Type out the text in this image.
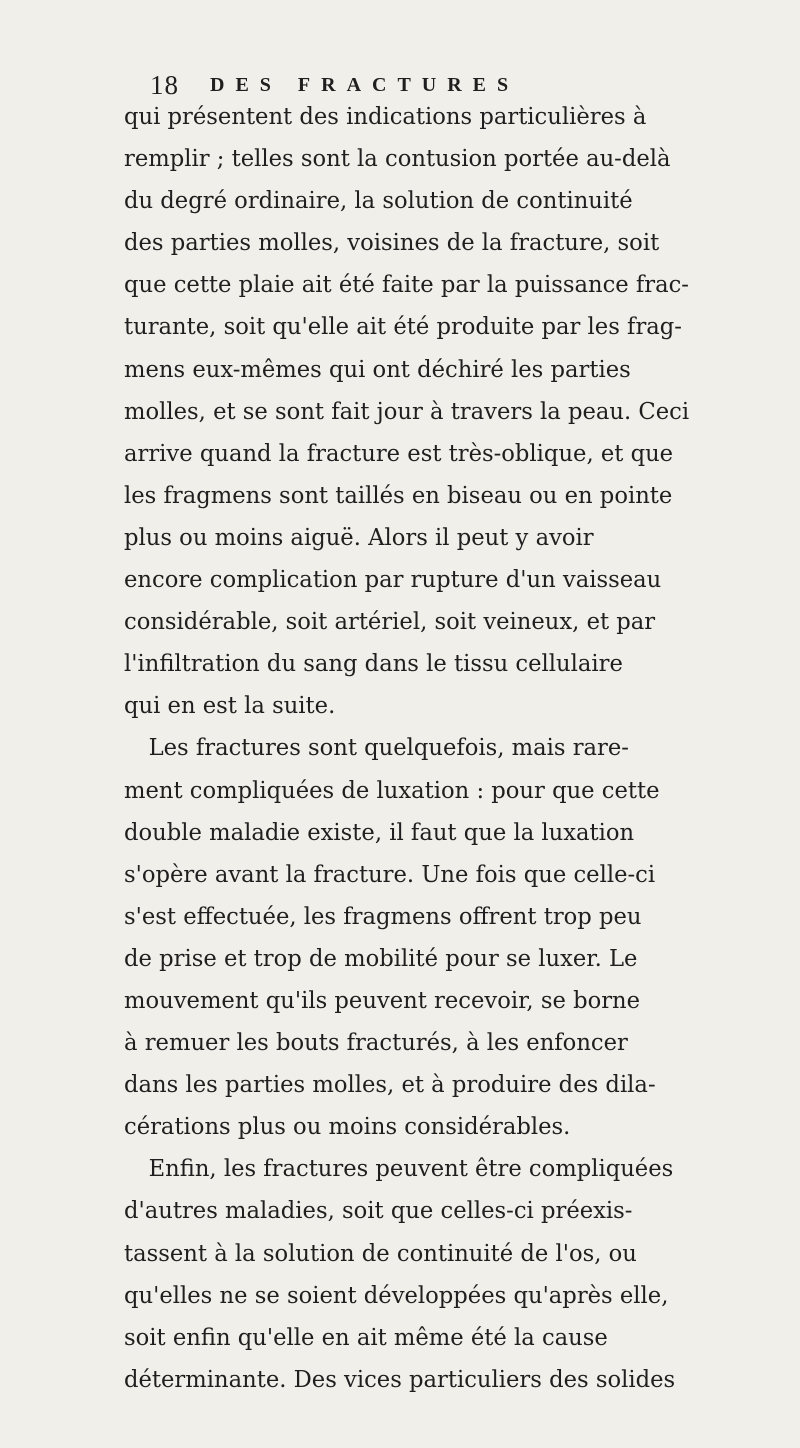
18 DES FRACTURES
qui présentent des indications particulières à
remplir ; telles sont la contusion portée au-delà
du degré ordinaire, la solution de continuité
des parties molles, voisines de la fracture, soit
que cette plaie ait été faite par la puissance frac-
turante, soit qu'elle ait été produite par les frag-
mens eux-mêmes qui ont déchiré les parties
molles, et se sont fait jour à travers la peau. Ceci
arrive quand la fracture est très-oblique, et que
les fragmens sont taillés en biseau ou en pointe
plus ou moins aiguë. Alors il peut y avoir
encore complication par rupture d'un vaisseau
considérable, soit artériel, soit veineux, et par
l'infiltration du sang dans le tissu cellulaire
qui en est la suite.
Les fractures sont quelquefois, mais rare-
ment compliquées de luxation : pour que cette
double maladie existe, il faut que la luxation
s'opère avant la fracture. Une fois que celle-ci
s'est effectuée, les fragmens offrent trop peu
de prise et trop de mobilité pour se luxer. Le
mouvement qu'ils peuvent recevoir, se borne
à remuer les bouts fracturés, à les enfoncer
dans les parties molles, et à produire des dila-
cérations plus ou moins considérables.
Enfin, les fractures peuvent être compliquées
d'autres maladies, soit que celles-ci préexis-
tassent à la solution de continuité de l'os, ou
qu'elles ne se soient développées qu'après elle,
soit enfin qu'elle en ait même été la cause
déterminante. Des vices particuliers des solides
